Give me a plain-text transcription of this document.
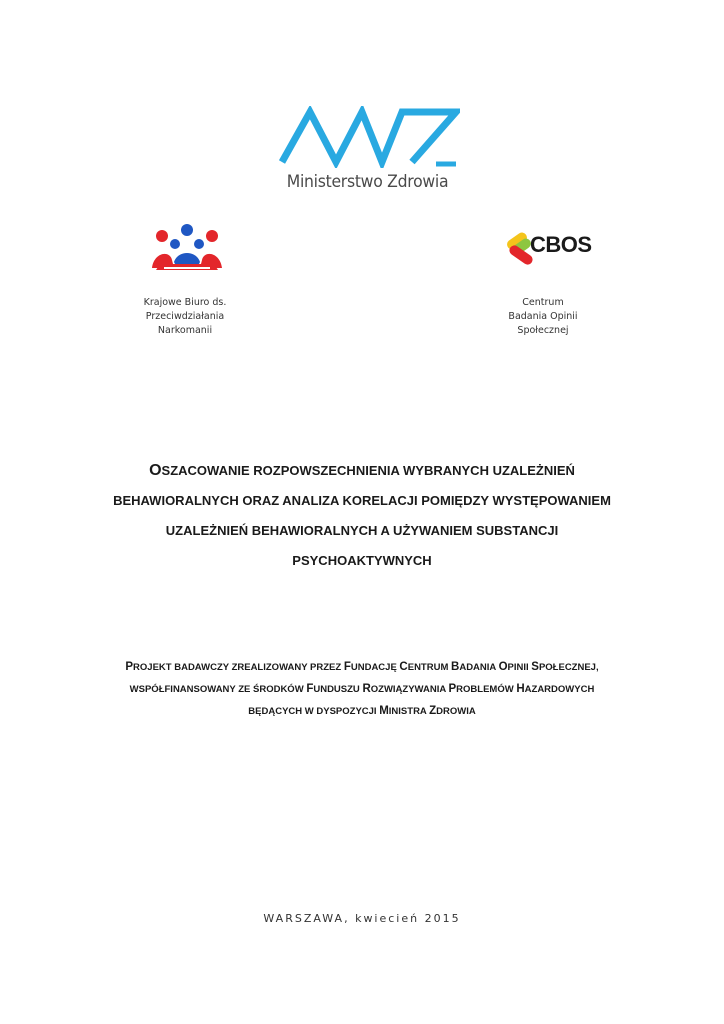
Ministerstwo Zdrowia
CBOS
Krajowe Biuro ds.
Przeciwdziałania
Narkomanii
Centrum
Badania Opinii
Społecznej
OSZACOWANIE ROZPOWSZECHNIENIA WYBRANYCH UZALEŻNIEŃ
BEHAWIORALNYCH ORAZ ANALIZA KORELACJI POMIĘDZY WYSTĘPOWANIEM
UZALEŻNIEŃ BEHAWIORALNYCH A UŻYWANIEM SUBSTANCJI
PSYCHOAKTYWNYCH
PROJEKT BADAWCZY ZREALIZOWANY PRZEZ FUNDACJĘ CENTRUM BADANIA OPINII SPOŁECZNEJ,
WSPÓŁFINANSOWANY ZE ŚRODKÓW FUNDUSZU ROZWIĄZYWANIA PROBLEMÓW HAZARDOWYCH
BĘDĄCYCH W DYSPOZYCJI MINISTRA ZDROWIA
WARSZAWA, kwiecień 2015
